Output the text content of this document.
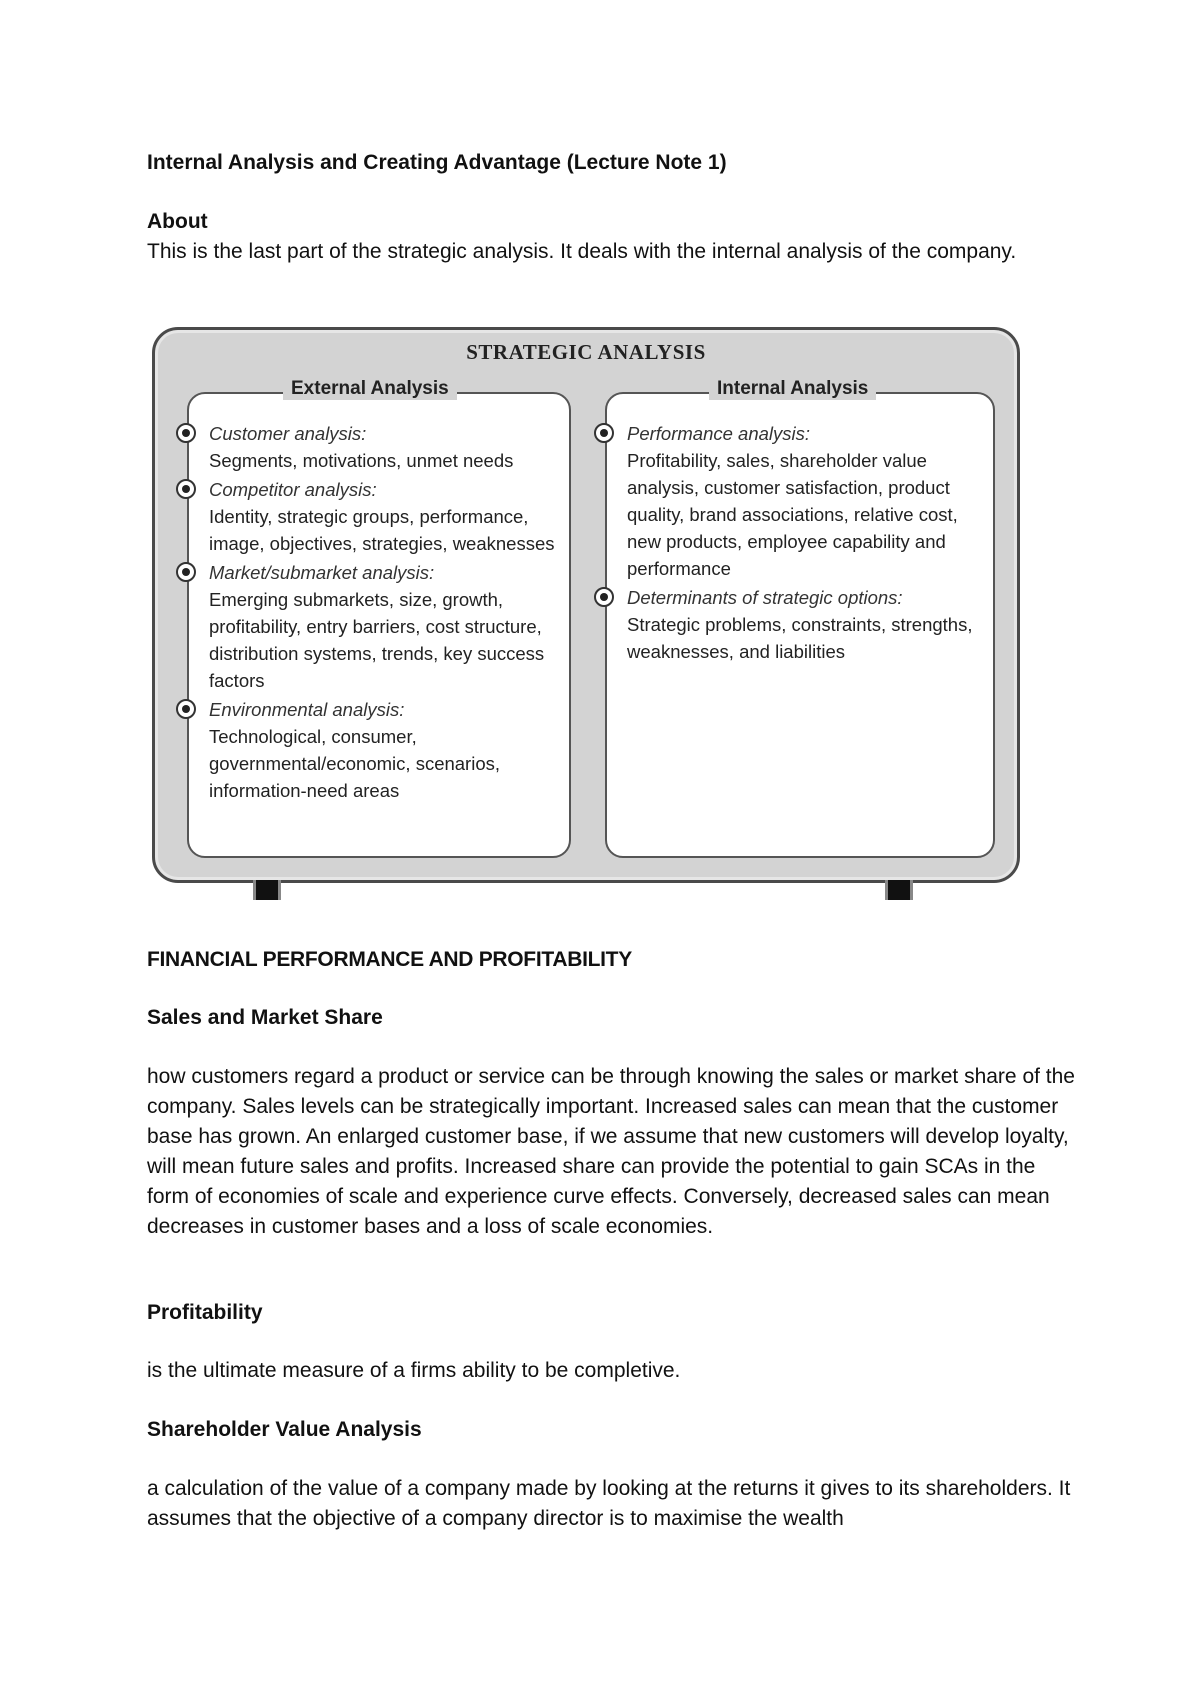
Internal Analysis and Creating Advantage (Lecture Note 1)

About

This is the last part of the strategic analysis. It deals with the internal analysis of the company.

STRATEGIC ANALYSIS
External Analysis
Customer analysis:
Segments, motivations, unmet needs
Competitor analysis:
Identity, strategic groups, performance, image, objectives, strategies, weaknesses
Market/submarket analysis:
Emerging submarkets, size, growth, profitability, entry barriers, cost structure, distribution systems, trends, key success factors
Environmental analysis:
Technological, consumer, governmental/economic, scenarios, information-need areas
Internal Analysis
Performance analysis:
Profitability, sales, shareholder value analysis, customer satisfaction, product quality, brand associations, relative cost, new products, employee capability and performance
Determinants of strategic options:
Strategic problems, constraints, strengths, weaknesses, and liabilities

FINANCIAL PERFORMANCE AND PROFITABILITY

Sales and Market Share

how customers regard a product or service can be through knowing the sales or market share of the company. Sales levels can be strategically important. Increased sales can mean that the customer base has grown. An enlarged customer base, if we assume that new customers will develop loyalty, will mean future sales and profits. Increased share can provide the potential to gain SCAs in the form of economies of scale and experience curve effects. Conversely, decreased sales can mean decreases in customer bases and a loss of scale economies.

Profitability

is the ultimate measure of a firms ability to be completive.

Shareholder Value Analysis

a calculation of the value of a company made by looking at the returns it gives to its shareholders. It assumes that the objective of a company director is to maximise the wealth
